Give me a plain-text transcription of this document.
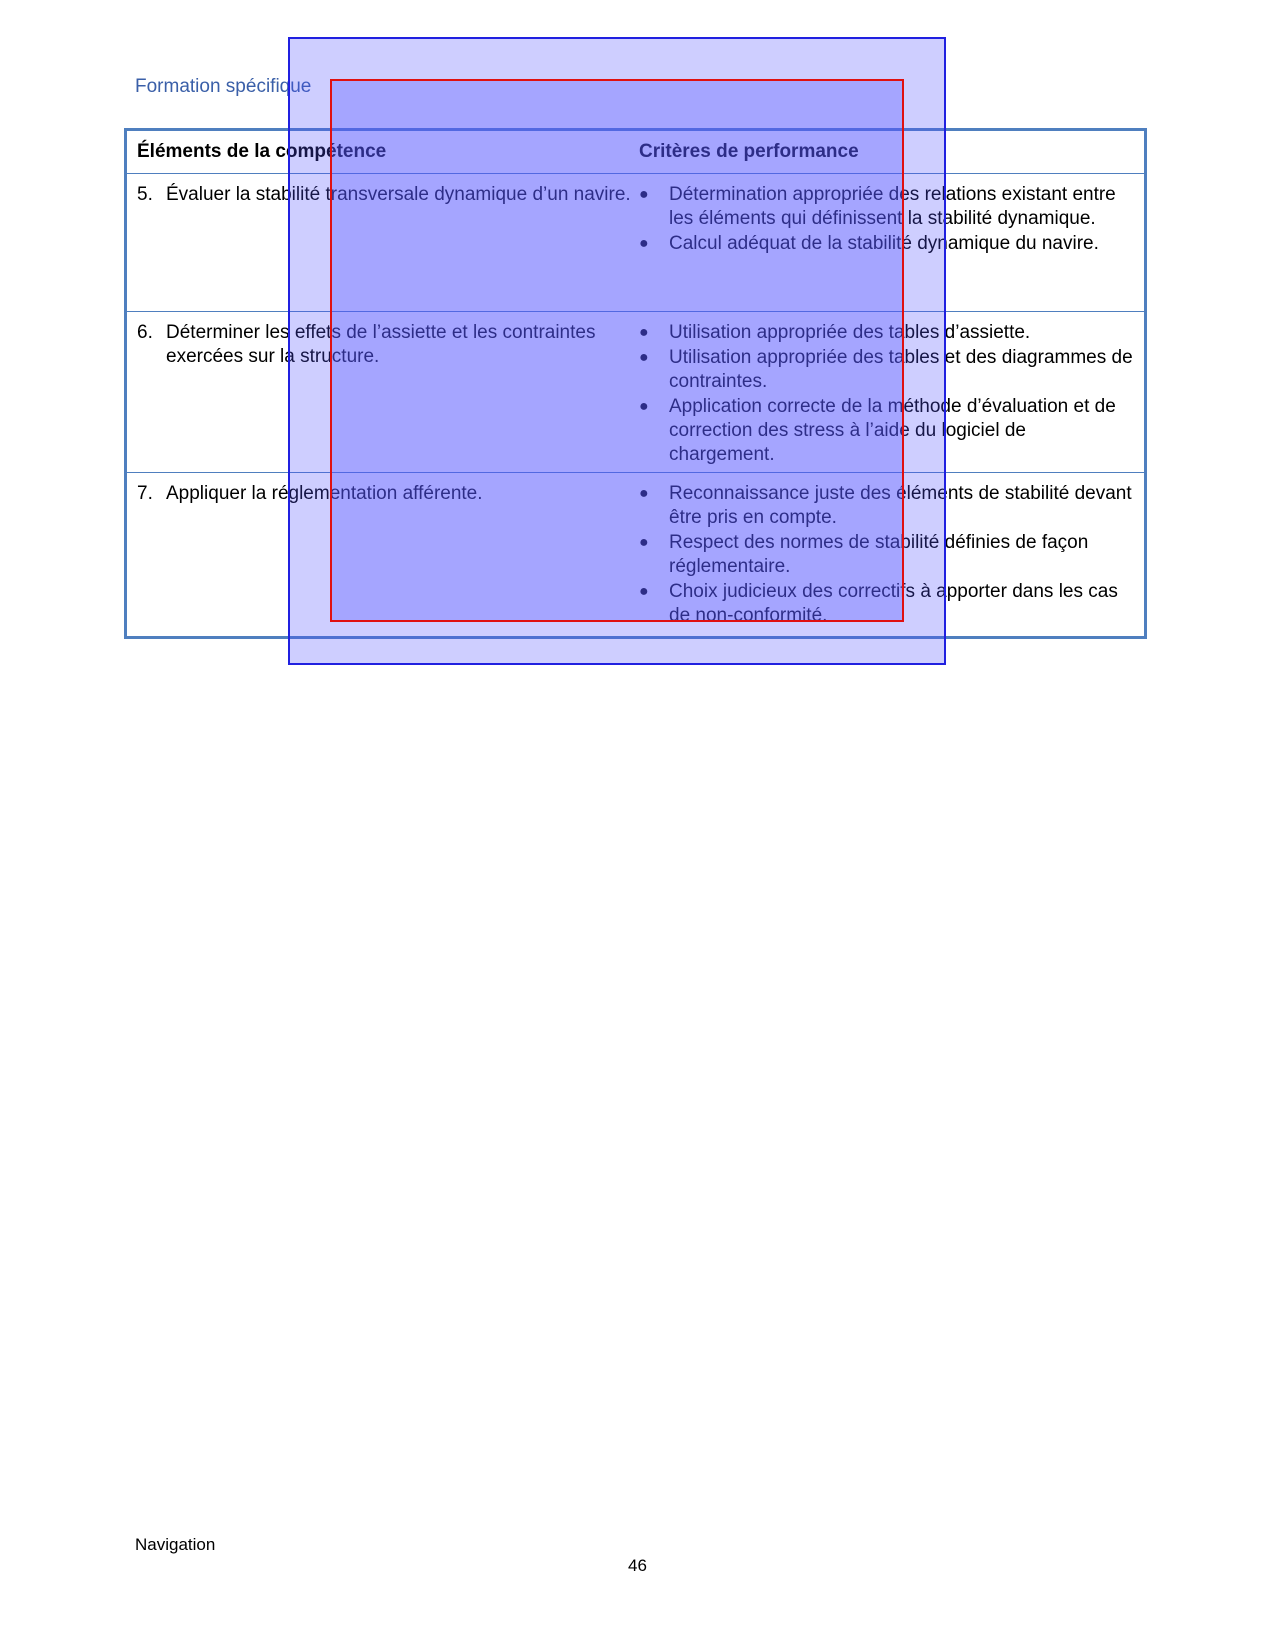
Formation spécifique
Éléments de la compétence	Critères de performance
5. Évaluer la stabilité transversale dynamique d’un navire. ●	Détermination appropriée des relations existant entre les éléments qui définissent la stabilité dynamique.
●	Calcul adéquat de la stabilité dynamique du navire.
6. Déterminer les effets de l’assiette et les contraintes exercées sur la structure.
●	Utilisation appropriée des tables d’assiette.
●	Utilisation appropriée des tables et des diagrammes de contraintes.
●	Application correcte de la méthode d’évaluation et de correction des stress à l’aide du logiciel de chargement.
7. Appliquer la réglementation afférente.	●	Reconnaissance juste des éléments de stabilité devant être pris en compte.
●	Respect des normes de stabilité définies de façon réglementaire.
●	Choix judicieux des correctifs à apporter dans les cas de non-conformité.
Navigation
46
